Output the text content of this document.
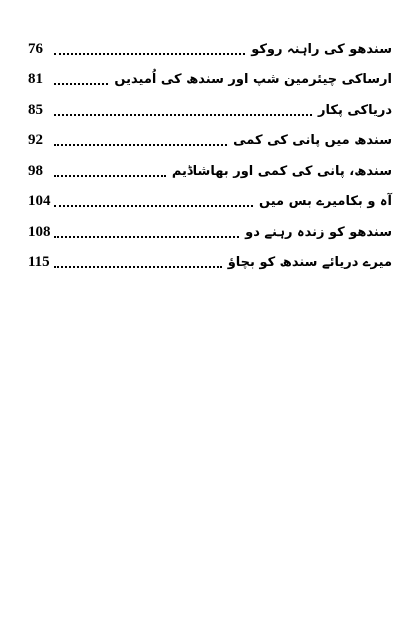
76	سندھو کی راہنہ روکو
81	ارساکی چیئرمین شپ اور سندھ کی اُمیدیں
85	دریاکی پکار
92	سندھ میں پانی کی کمی
98	سندھ، پانی کی کمی اور بھاشاڈیم
104	آہ و بکامیرے بس میں
108	سندھو کو زندہ رہنے دو
115	میرے دریائے سندھ کو بچاؤ
